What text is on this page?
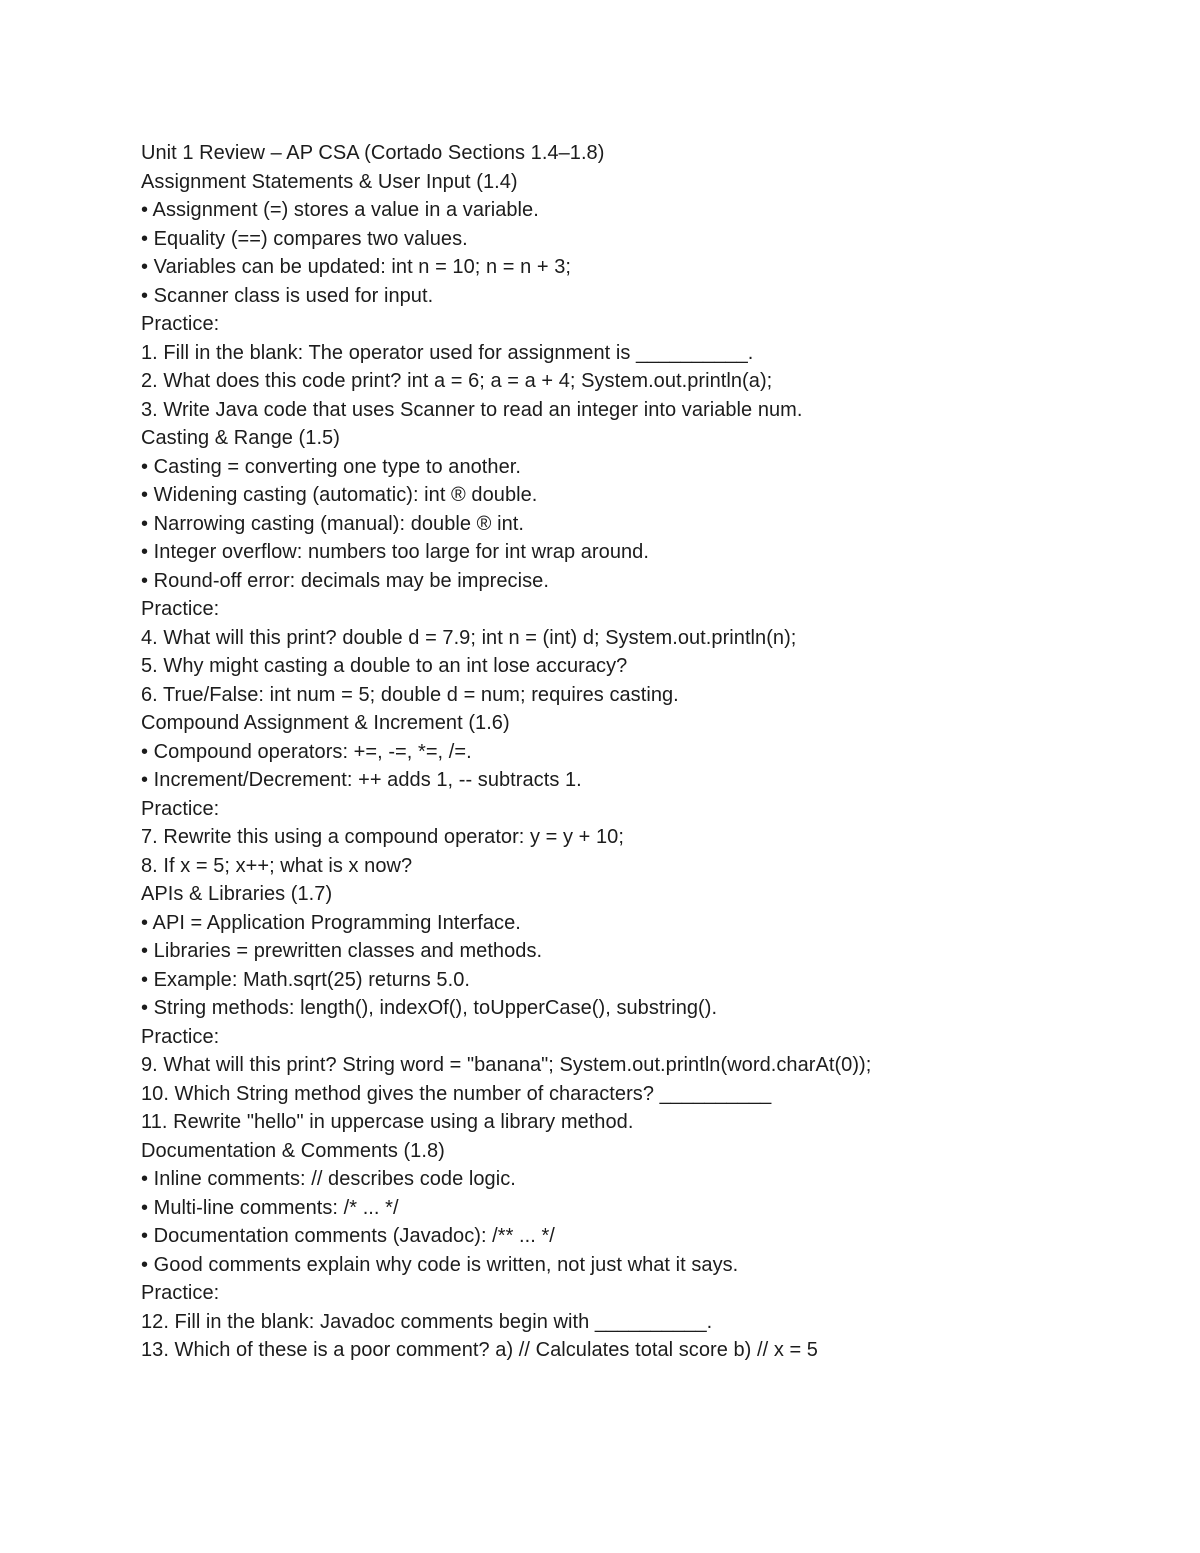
Unit 1 Review – AP CSA (Cortado Sections 1.4–1.8)
Assignment Statements & User Input (1.4)
• Assignment (=) stores a value in a variable.
• Equality (==) compares two values.
• Variables can be updated: int n = 10; n = n + 3;
• Scanner class is used for input.
Practice:
1. Fill in the blank: The operator used for assignment is __________.
2. What does this code print? int a = 6; a = a + 4; System.out.println(a);
3. Write Java code that uses Scanner to read an integer into variable num.
Casting & Range (1.5)
• Casting = converting one type to another.
• Widening casting (automatic): int ® double.
• Narrowing casting (manual): double ® int.
• Integer overflow: numbers too large for int wrap around.
• Round-off error: decimals may be imprecise.
Practice:
4. What will this print? double d = 7.9; int n = (int) d; System.out.println(n);
5. Why might casting a double to an int lose accuracy?
6. True/False: int num = 5; double d = num; requires casting.
Compound Assignment & Increment (1.6)
• Compound operators: +=, -=, *=, /=.
• Increment/Decrement: ++ adds 1, -- subtracts 1.
Practice:
7. Rewrite this using a compound operator: y = y + 10;
8. If x = 5; x++; what is x now?
APIs & Libraries (1.7)
• API = Application Programming Interface.
• Libraries = prewritten classes and methods.
• Example: Math.sqrt(25) returns 5.0.
• String methods: length(), indexOf(), toUpperCase(), substring().
Practice:
9. What will this print? String word = "banana"; System.out.println(word.charAt(0));
10. Which String method gives the number of characters? __________
11. Rewrite "hello" in uppercase using a library method.
Documentation & Comments (1.8)
• Inline comments: // describes code logic.
• Multi-line comments: /* ... */
• Documentation comments (Javadoc): /** ... */
• Good comments explain why code is written, not just what it says.
Practice:
12. Fill in the blank: Javadoc comments begin with __________.
13. Which of these is a poor comment? a) // Calculates total score b) // x = 5
